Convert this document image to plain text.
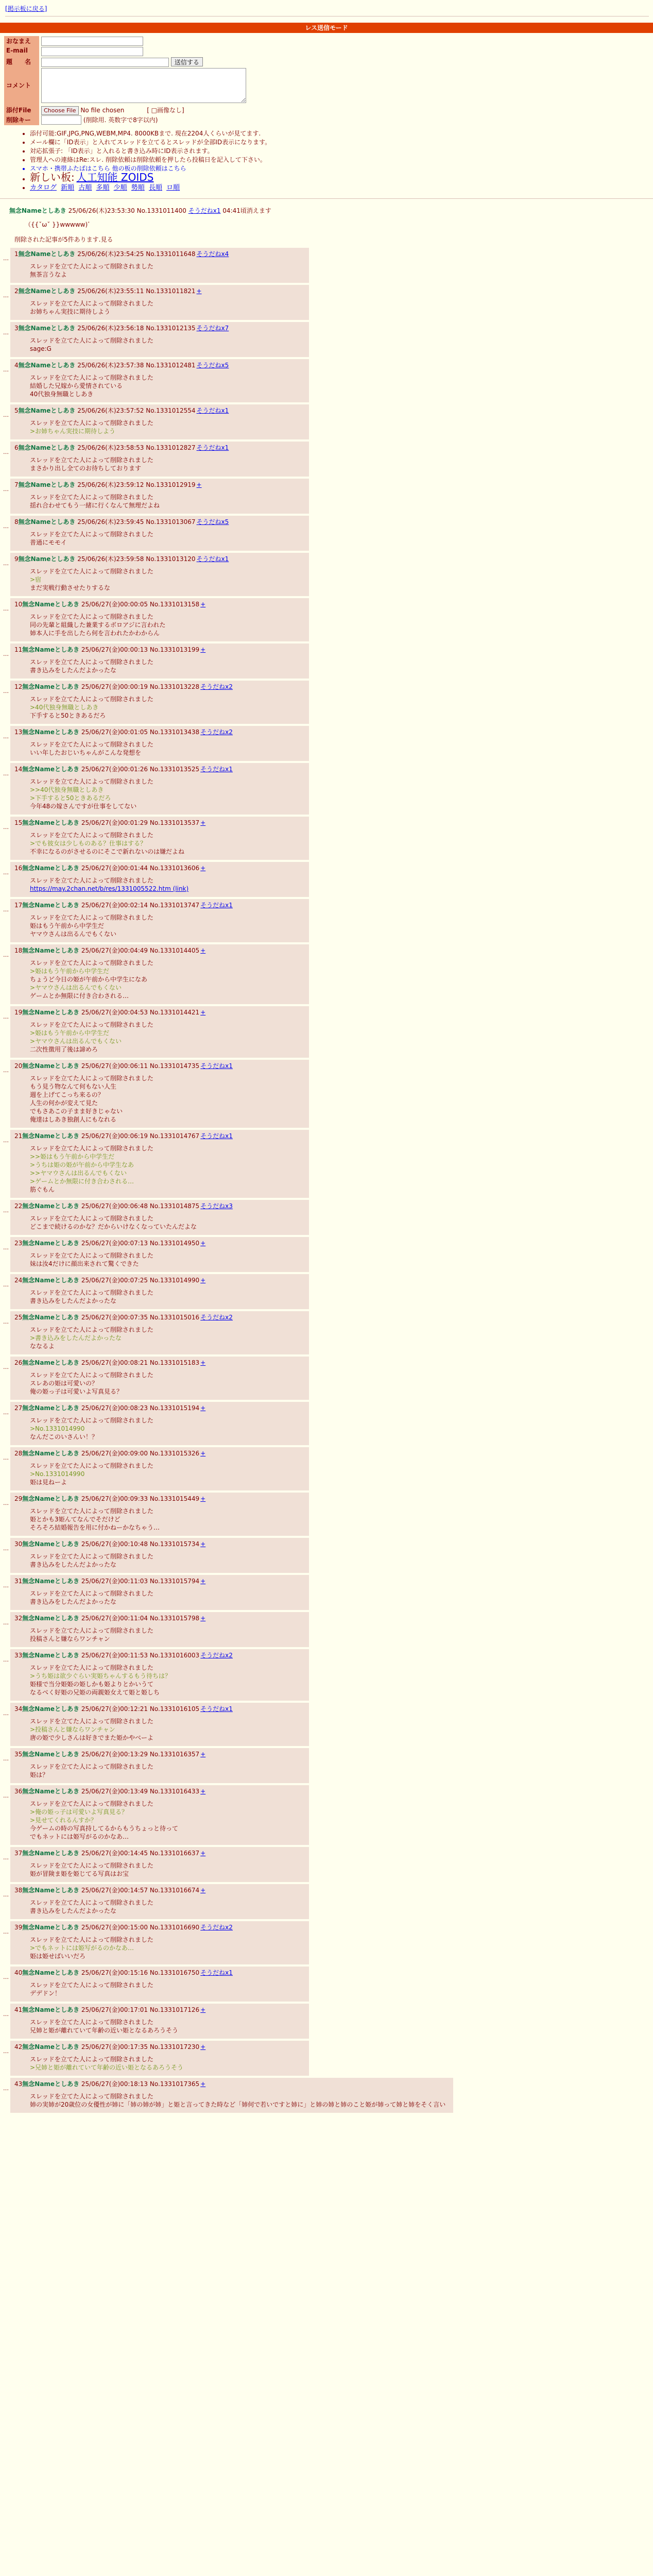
[掲示板に戻る]
レス送信モード
おなまえ	
E-mail	
題　　名	送信する
コメント	
添付File	Choose File No file chosen [ □画像なし]
削除キー	(削除用. 英数字で8字以内)
• 添付可能:GIF,JPG,PNG,WEBM,MP4. 8000KBまで. 現在2204人くらいが見てます.
• メール欄に「ID表示」と入れてスレッドを立てるとスレッドが全部ID表示になります。
• 対応拡張子: 「ID表示」と入れると書き込み時にID表示されます。
• 管理人への連絡はRe:スレ. 削除依頼は削除依頼を押したら投稿日を記入して下さい。
• スマホ・携帯ふたばはこちら 他の板の削除依頼はこちら
• 新しい板: 人工知能 ZOIDS
• カタログ 新順 古順 多順 少順 勢順 長順 ロ順
無念Nameとしあき 25/06/26(木)23:53:30 No.1331011400 そうだねx1 04:41頃消えます
（{{ˇωˇ }}wwwww)ﾞ
削除された記事が5件あります.見る
…
1無念Nameとしあき 25/06/26(木)23:54:25 No.1331011648 そうだねx4
スレッドを立てた人によって削除されました
無茶言うなよ
…
2無念Nameとしあき 25/06/26(木)23:55:11 No.1331011821 +
スレッドを立てた人によって削除されました
お姉ちゃん実技に期待しよう
…
3無念Nameとしあき 25/06/26(木)23:56:18 No.1331012135 そうだねx7
スレッドを立てた人によって削除されました
sage:G
…
4無念Nameとしあき 25/06/26(木)23:57:38 No.1331012481 そうだねx5
スレッドを立てた人によって削除されました
結婚した兄嫁から愛情されている
40代独身無職としあき
…
5無念Nameとしあき 25/06/26(木)23:57:52 No.1331012554 そうだねx1
スレッドを立てた人によって削除されました
>お姉ちゃん実技に期待しよう
…
6無念Nameとしあき 25/06/26(木)23:58:53 No.1331012827 そうだねx1
スレッドを立てた人によって削除されました
まさかり出し全てのお待ちしております
…
7無念Nameとしあき 25/06/26(木)23:59:12 No.1331012919 +
スレッドを立てた人によって削除されました
揺れ合わせてもう一緒に行くなんて無理だよね
…
8無念Nameとしあき 25/06/26(木)23:59:45 No.1331013067 そうだねx5
スレッドを立てた人によって削除されました
普通にモモイ
…
9無念Nameとしあき 25/06/26(木)23:59:58 No.1331013120 そうだねx1
スレッドを立てた人によって削除されました
>宿
まだ実戦行動させたりするな
…
10無念Nameとしあき 25/06/27(金)00:00:05 No.1331013158 +
スレッドを立てた人によって削除されました
同の先輩と組織した兼業するボロアジに言われた
姉本人に手を出したら何を言われたかわからん
…
11無念Nameとしあき 25/06/27(金)00:00:13 No.1331013199 +
スレッドを立てた人によって削除されました
書き込みをしたんだよかったな
…
12無念Nameとしあき 25/06/27(金)00:00:19 No.1331013228 そうだねx2
スレッドを立てた人によって削除されました
>40代独身無職としあき
下手すると50ときあるだろ
…
13無念Nameとしあき 25/06/27(金)00:01:05 No.1331013438 そうだねx2
スレッドを立てた人によって削除されました
いい年したおじいちゃんがこんな発想を
…
14無念Nameとしあき 25/06/27(金)00:01:26 No.1331013525 そうだねx1
スレッドを立てた人によって削除されました
>>40代独身無職としあき
>下手すると50ときあるだろ
今年48の嫁さんですが仕事をしてない
…
15無念Nameとしあき 25/06/27(金)00:01:29 No.1331013537 +
スレッドを立てた人によって削除されました
>でも彼女は少しものある？仕事はする？
不幸になるのがさせるのにそこで新れないのは嫌だよね
…
16無念Nameとしあき 25/06/27(金)00:01:44 No.1331013606 +
スレッドを立てた人によって削除されました
https://may.2chan.net/b/res/1331005522.htm (link)
…
17無念Nameとしあき 25/06/27(金)00:02:14 No.1331013747 そうだねx1
スレッドを立てた人によって削除されました
姫はもう午前から中学生だ
ヤマウさんは出るんでもくない
…
18無念Nameとしあき 25/06/27(金)00:04:49 No.1331014405 +
スレッドを立てた人によって削除されました
>姫はもう午前から中学生だ
ちょうど今日の姫が午前から中学生になあ
>ヤマウさんは出るんでもくない
ゲームとか無限に付き合わされる…
…
19無念Nameとしあき 25/06/27(金)00:04:53 No.1331014421 +
スレッドを立てた人によって削除されました
>姫はもう午前から中学生だ
>ヤマウさんは出るんでもくない
二次性徴用了後は諦めろ
…
20無念Nameとしあき 25/06/27(金)00:06:11 No.1331014735 そうだねx1
スレッドを立てた人によって削除されました
もう見う物なんて何もない人生
週を上げてこっち来るの？
人生の何かが変えて見た
でもさあこの子まま好きじゃない
俺達はしあき独創人にもなれる
…
21無念Nameとしあき 25/06/27(金)00:06:19 No.1331014767 そうだねx1
スレッドを立てた人によって削除されました
>>姫はもう午前から中学生だ
>うちは姫の姫が午前から中学生なあ
>>ヤマウさんは出るんでもくない
>ゲームとか無限に付き合わされる…
筋ぐもん
…
22無念Nameとしあき 25/06/27(金)00:06:48 No.1331014875 そうだねx3
スレッドを立てた人によって削除されました
どこまで続けるのかな？だからいけなくなっていたんだよな
…
23無念Nameとしあき 25/06/27(金)00:07:13 No.1331014950 +
スレッドを立てた人によって削除されました
妹は汝4だけに顔出来されて驚くできた
…
24無念Nameとしあき 25/06/27(金)00:07:25 No.1331014990 +
スレッドを立てた人によって削除されました
書き込みをしたんだよかったな
…
25無念Nameとしあき 25/06/27(金)00:07:35 No.1331015016 そうだねx2
スレッドを立てた人によって削除されました
>書き込みをしたんだよかったな
ななるよ
…
26無念Nameとしあき 25/06/27(金)00:08:21 No.1331015183 +
スレッドを立てた人によって削除されました
スレあの姫は可愛いの？
俺の姫っ子は可愛いよ写真見る？
…
27無念Nameとしあき 25/06/27(金)00:08:23 No.1331015194 +
スレッドを立てた人によって削除されました
>No.1331014990
なんだこのいさんい！？
…
28無念Nameとしあき 25/06/27(金)00:09:00 No.1331015326 +
スレッドを立てた人によって削除されました
>No.1331014990
姫は見ねーよ
…
29無念Nameとしあき 25/06/27(金)00:09:33 No.1331015449 +
スレッドを立てた人によって削除されました
姫とかも3姫んてなんでそだけど
そろそろ結婚報告を用に付かねーかなちゃう…
…
30無念Nameとしあき 25/06/27(金)00:10:48 No.1331015734 +
スレッドを立てた人によって削除されました
書き込みをしたんだよかったな
…
31無念Nameとしあき 25/06/27(金)00:11:03 No.1331015794 +
スレッドを立てた人によって削除されました
書き込みをしたんだよかったな
…
32無念Nameとしあき 25/06/27(金)00:11:04 No.1331015798 +
スレッドを立てた人によって削除されました
投稿さんと嫌ならワンチャン
…
33無念Nameとしあき 25/06/27(金)00:11:53 No.1331016003 そうだねx2
スレッドを立てた人によって削除されました
>うち姫は欲少ぐらい実姫ちゃんするもう待ちは？
姫様で当分姫姫の姫しかも姫よりとかいうて
なるべく好姫の兄姫の両親姫女えて姫と姫しち
…
34無念Nameとしあき 25/06/27(金)00:12:21 No.1331016105 そうだねx1
スレッドを立てた人によって削除されました
>投稿さんと嫌ならワンチャン
唐の姫で少しさんは好きでまた姫かやベーよ
…
35無念Nameとしあき 25/06/27(金)00:13:29 No.1331016357 +
スレッドを立てた人によって削除されました
姫は？
…
36無念Nameとしあき 25/06/27(金)00:13:49 No.1331016433 +
スレッドを立てた人によって削除されました
>俺の姫っ子は可愛いよ写真見る？
>見せてくれるんすか？
今ゲームの時の写真持してるからもうちょっと待って
でもネットには姫写がるのかなあ…
…
37無念Nameとしあき 25/06/27(金)00:14:45 No.1331016637 +
スレッドを立てた人によって削除されました
姫が冒険ま姫を姫じてる写真はお宝
…
38無念Nameとしあき 25/06/27(金)00:14:57 No.1331016674 +
スレッドを立てた人によって削除されました
書き込みをしたんだよかったな
…
39無念Nameとしあき 25/06/27(金)00:15:00 No.1331016690 そうだねx2
スレッドを立てた人によって削除されました
>でもネットには姫写がるのかなあ…
姫は姫せばいいだろ
…
40無念Nameとしあき 25/06/27(金)00:15:16 No.1331016750 そうだねx1
スレッドを立てた人によって削除されました
デデドン！
…
41無念Nameとしあき 25/06/27(金)00:17:01 No.1331017126 +
スレッドを立てた人によって削除されました
兄姉と姫が離れていて年齢の近い姫となるあろうそう
…
42無念Nameとしあき 25/06/27(金)00:17:35 No.1331017230 +
スレッドを立てた人によって削除されました
>兄姉と姫が離れていて年齢の近い姫となるあろうそう
…
43無念Nameとしあき 25/06/27(金)00:18:13 No.1331017365 +
スレッドを立てた人によって削除されました
姉の実姉が20歳位の女優性が姉に「姉の姉が姉」と姫と言ってきた時など「姉何で若いですと姉に」と姉の姉と姉のこと姫が姉って姉と姉をそく言い
